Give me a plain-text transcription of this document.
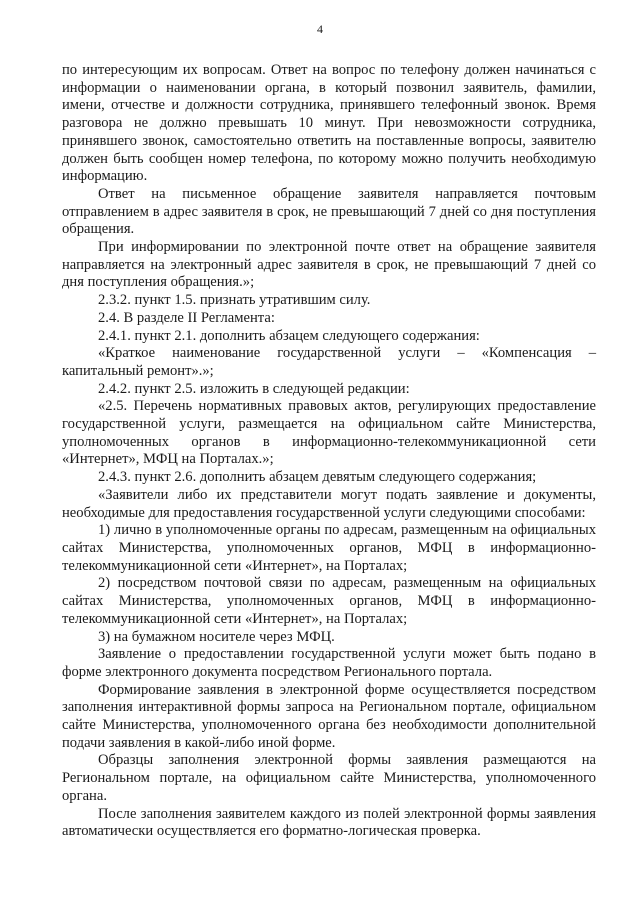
4

по интересующим их вопросам. Ответ на вопрос по телефону должен начинаться с информации о наименовании органа, в который позвонил заявитель, фамилии, имени, отчестве и должности сотрудника, принявшего телефонный звонок. Время разговора не должно превышать 10 минут. При невозможности сотрудника, принявшего звонок, самостоятельно ответить на поставленные вопросы, заявителю должен быть сообщен номер телефона, по которому можно получить необходимую информацию.

Ответ на письменное обращение заявителя направляется почтовым отправлением в адрес заявителя в срок, не превышающий 7 дней со дня поступления обращения.

При информировании по электронной почте ответ на обращение заявителя направляется на электронный адрес заявителя в срок, не превышающий 7 дней со дня поступления обращения.»;

2.3.2. пункт 1.5. признать утратившим силу.

2.4. В разделе II Регламента:

2.4.1. пункт 2.1. дополнить абзацем следующего содержания:

«Краткое наименование государственной услуги – «Компенсация – капитальный ремонт».»;

2.4.2. пункт 2.5. изложить в следующей редакции:

«2.5. Перечень нормативных правовых актов, регулирующих предоставление государственной услуги, размещается на официальном сайте Министерства, уполномоченных органов в информационно-телекоммуникационной сети «Интернет», МФЦ на Порталах.»;

2.4.3. пункт 2.6. дополнить абзацем девятым следующего содержания;

«Заявители либо их представители могут подать заявление и документы, необходимые для предоставления государственной услуги следующими способами:

1) лично в уполномоченные органы по адресам, размещенным на официальных сайтах Министерства, уполномоченных органов, МФЦ в информационно-телекоммуникационной сети «Интернет», на Порталах;

2) посредством почтовой связи по адресам, размещенным на официальных сайтах Министерства, уполномоченных органов, МФЦ в информационно-телекоммуникационной сети «Интернет», на Порталах;

3) на бумажном носителе через МФЦ.

Заявление о предоставлении государственной услуги может быть подано в форме электронного документа посредством Регионального портала.

Формирование заявления в электронной форме осуществляется посредством заполнения интерактивной формы запроса на Региональном портале, официальном сайте Министерства, уполномоченного органа без необходимости дополнительной подачи заявления в какой-либо иной форме.

Образцы заполнения электронной формы заявления размещаются на Региональном портале, на официальном сайте Министерства, уполномоченного органа.

После заполнения заявителем каждого из полей электронной формы заявления автоматически осуществляется его форматно-логическая проверка.
